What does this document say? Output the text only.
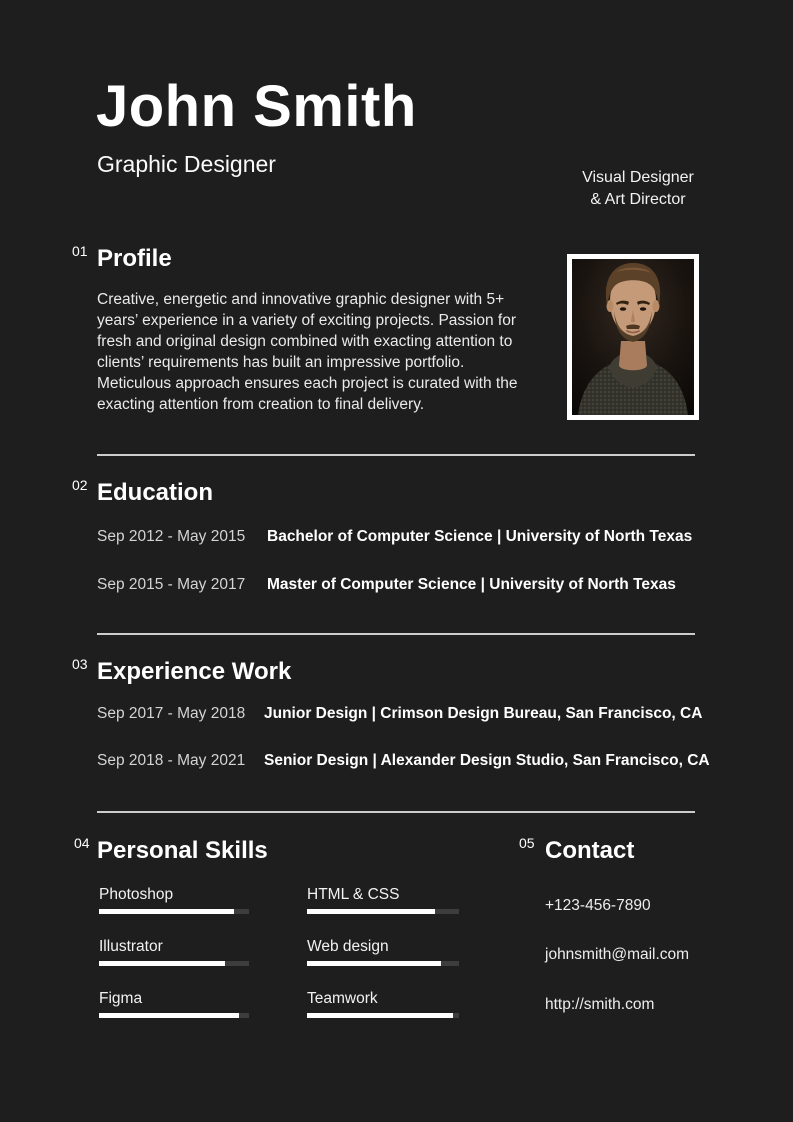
John Smith
Graphic Designer
Visual Designer
& Art Director
01 Profile
Creative, energetic and innovative graphic designer with 5+
years’ experience in a variety of exciting projects. Passion for
fresh and original design combined with exacting attention to
clients’ requirements has built an impressive portfolio.
Meticulous approach ensures each project is curated with the
exacting attention from creation to final delivery.
02 Education
Sep 2012 - May 2015	Bachelor of Computer Science | University of North Texas
Sep 2015 - May 2017	Master of Computer Science | University of North Texas
03 Experience Work
Sep 2017 - May 2018	Junior Design | Crimson Design Bureau, San Francisco, CA
Sep 2018 - May 2021	Senior Design | Alexander Design Studio, San Francisco, CA
04 Personal Skills
Photoshop
Illustrator
Figma
HTML & CSS
Web design
Teamwork
05 Contact
+123-456-7890
johnsmith@mail.com
http://smith.com
